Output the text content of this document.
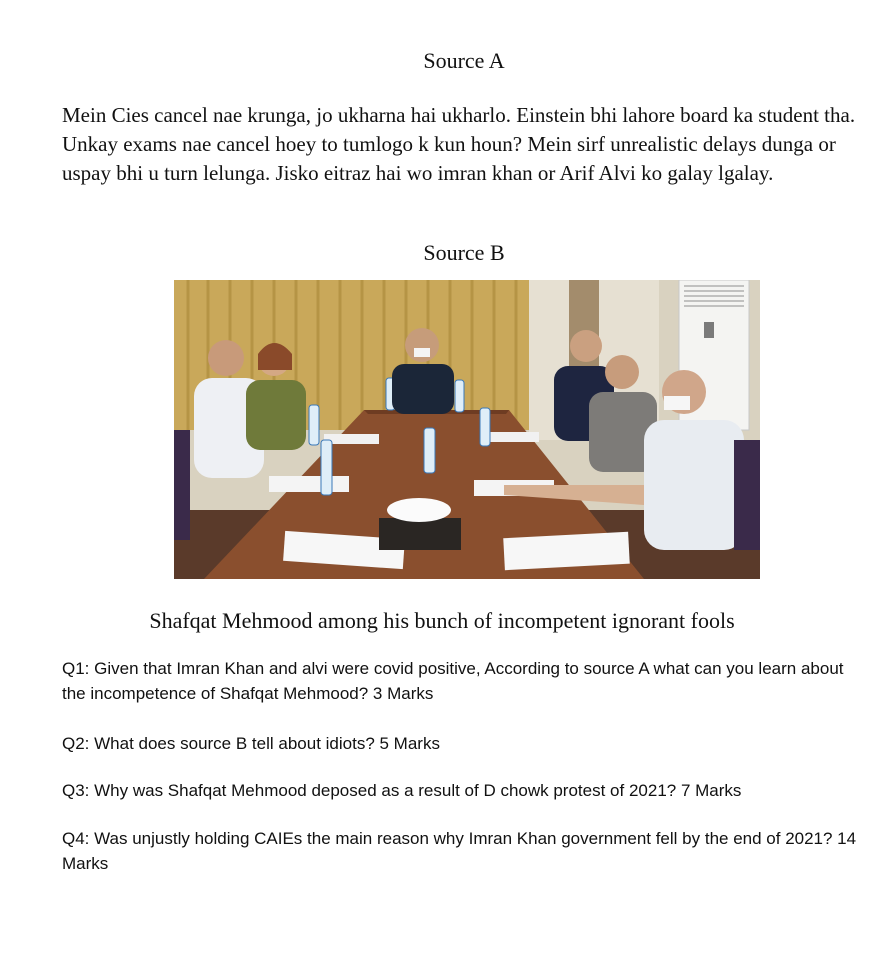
Source A
Mein Cies cancel nae krunga, jo ukharna hai ukharlo. Einstein bhi lahore board ka student tha. Unkay exams nae cancel hoey to tumlogo k kun houn? Mein sirf unrealistic delays dunga or uspay bhi u turn lelunga. Jisko eitraz hai wo imran khan or Arif Alvi ko galay lgalay.
Source B
Shafqat Mehmood among his bunch of incompetent ignorant fools
Q1: Given that Imran Khan and alvi were covid positive, According to source A what can you learn about the incompetence of Shafqat Mehmood? 3 Marks
Q2: What does source B tell about idiots? 5 Marks
Q3: Why was Shafqat Mehmood deposed as a result of D chowk protest of 2021? 7 Marks
Q4: Was unjustly holding CAIEs the main reason why Imran Khan government fell by the end of 2021? 14 Marks
